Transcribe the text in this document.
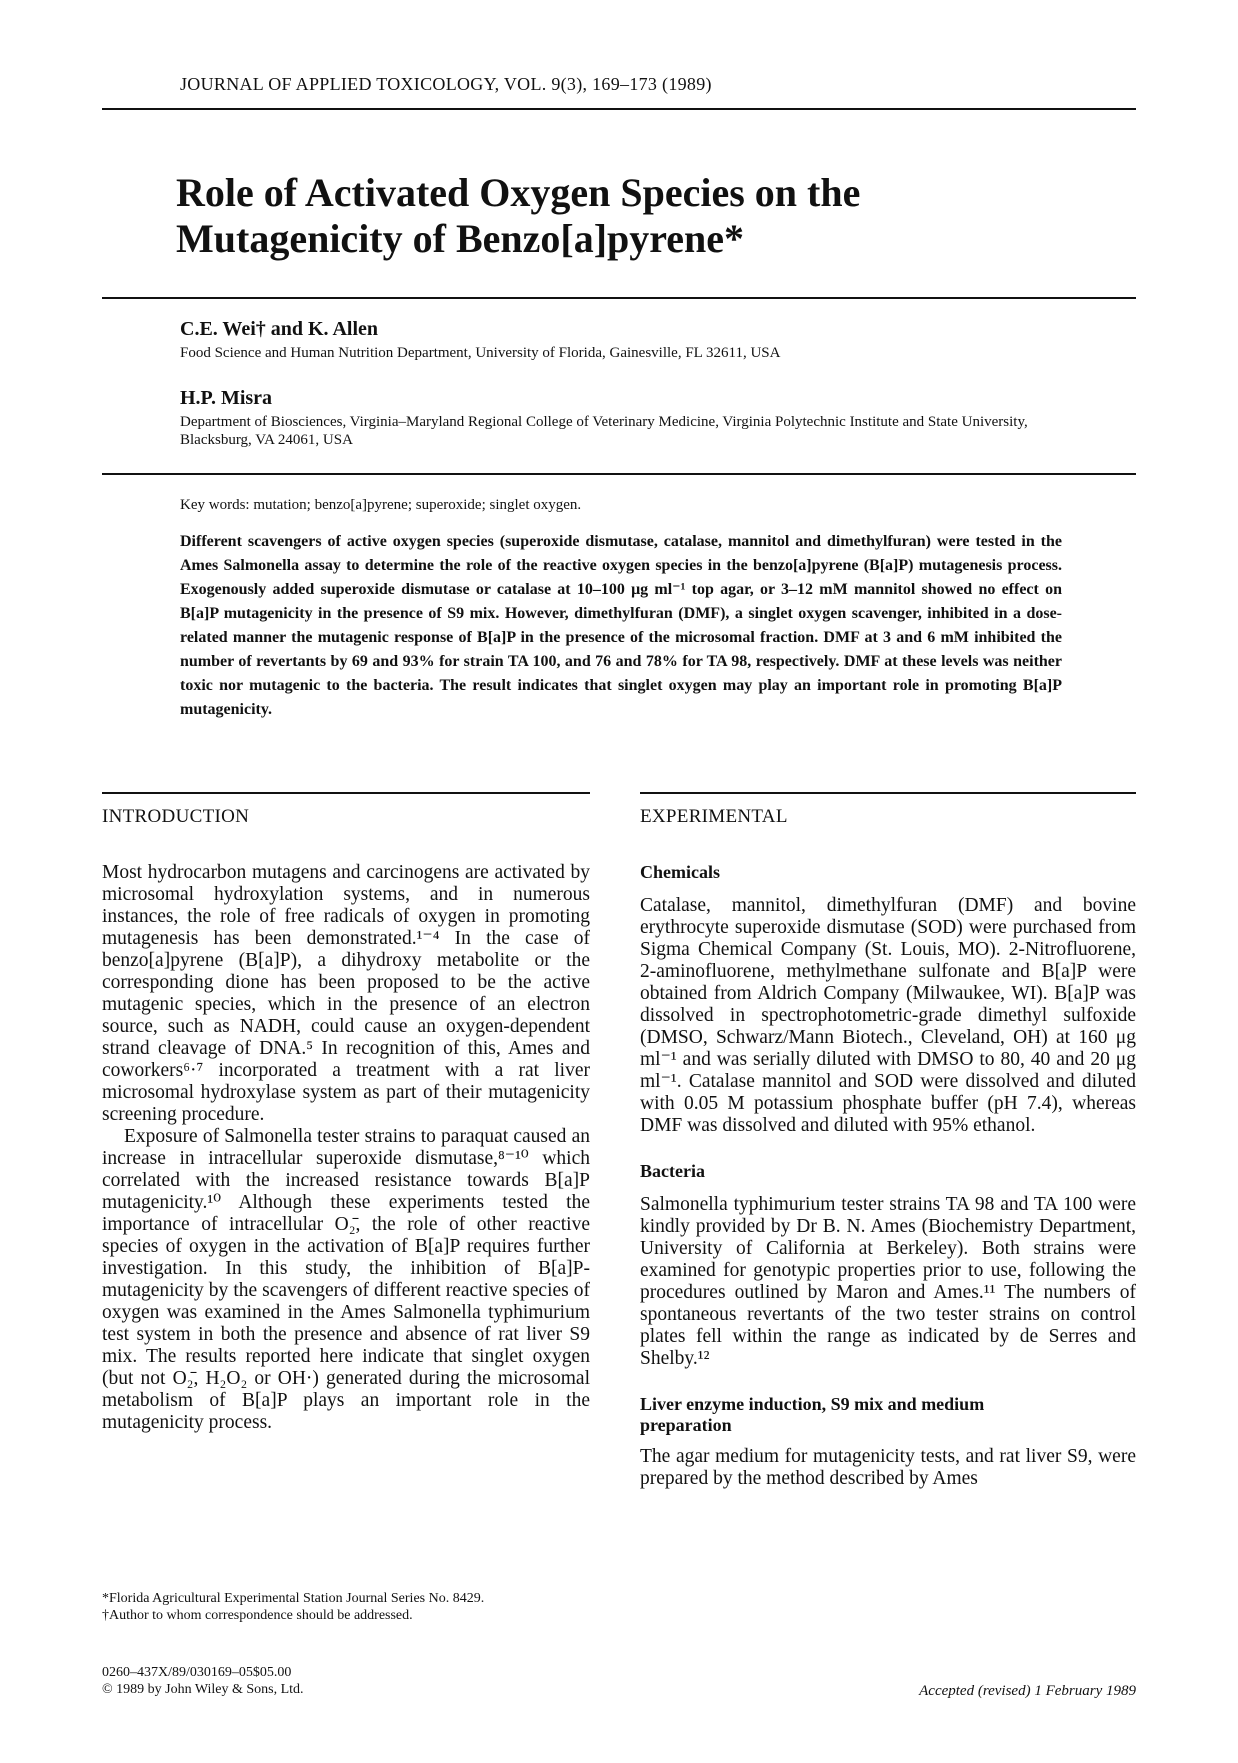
JOURNAL OF APPLIED TOXICOLOGY, VOL. 9(3), 169–173 (1989)
Role of Activated Oxygen Species on the
Mutagenicity of Benzo[a]pyrene*
C.E. Wei† and K. Allen
Food Science and Human Nutrition Department, University of Florida, Gainesville, FL 32611, USA
H.P. Misra
Department of Biosciences, Virginia–Maryland Regional College of Veterinary Medicine, Virginia Polytechnic Institute and State University, Blacksburg, VA 24061, USA
Key words: mutation; benzo[a]pyrene; superoxide; singlet oxygen.
Different scavengers of active oxygen species (superoxide dismutase, catalase, mannitol and dimethylfuran) were tested in the Ames Salmonella assay to determine the role of the reactive oxygen species in the benzo[a]pyrene (B[a]P) mutagenesis process. Exogenously added superoxide dismutase or catalase at 10–100 μg ml⁻¹ top agar, or 3–12 mM mannitol showed no effect on B[a]P mutagenicity in the presence of S9 mix. However, dimethylfuran (DMF), a singlet oxygen scavenger, inhibited in a dose-related manner the mutagenic response of B[a]P in the presence of the microsomal fraction. DMF at 3 and 6 mM inhibited the number of revertants by 69 and 93% for strain TA 100, and 76 and 78% for TA 98, respectively. DMF at these levels was neither toxic nor mutagenic to the bacteria. The result indicates that singlet oxygen may play an important role in promoting B[a]P mutagenicity.
INTRODUCTION

Most hydrocarbon mutagens and carcinogens are activated by microsomal hydroxylation systems, and in numerous instances, the role of free radicals of oxygen in promoting mutagenesis has been demonstrated.¹⁻⁴ In the case of benzo[a]pyrene (B[a]P), a dihydroxy metabolite or the corresponding dione has been proposed to be the active mutagenic species, which in the presence of an electron source, such as NADH, could cause an oxygen-dependent strand cleavage of DNA.⁵ In recognition of this, Ames and coworkers⁶·⁷ incorporated a treatment with a rat liver microsomal hydroxylase system as part of their mutagenicity screening procedure.

Exposure of Salmonella tester strains to paraquat caused an increase in intracellular superoxide dismutase,⁸⁻¹⁰ which correlated with the increased resistance towards B[a]P mutagenicity.¹⁰ Although these experiments tested the importance of intracellular O₂̄, the role of other reactive species of oxygen in the activation of B[a]P requires further investigation. In this study, the inhibition of B[a]P-mutagenicity by the scavengers of different reactive species of oxygen was examined in the Ames Salmonella typhimurium test system in both the presence and absence of rat liver S9 mix. The results reported here indicate that singlet oxygen (but not O₂̄, H₂O₂ or OH·) generated during the microsomal metabolism of B[a]P plays an important role in the mutagenicity process.

*Florida Agricultural Experimental Station Journal Series No. 8429.
†Author to whom correspondence should be addressed.
0260–437X/89/030169–05$05.00
© 1989 by John Wiley & Sons, Ltd.
EXPERIMENTAL
Chemicals

Catalase, mannitol, dimethylfuran (DMF) and bovine erythrocyte superoxide dismutase (SOD) were purchased from Sigma Chemical Company (St. Louis, MO). 2-Nitrofluorene, 2-aminofluorene, methylmethane sulfonate and B[a]P were obtained from Aldrich Company (Milwaukee, WI). B[a]P was dissolved in spectrophotometric-grade dimethyl sulfoxide (DMSO, Schwarz/Mann Biotech., Cleveland, OH) at 160 μg ml⁻¹ and was serially diluted with DMSO to 80, 40 and 20 μg ml⁻¹. Catalase mannitol and SOD were dissolved and diluted with 0.05 M potassium phosphate buffer (pH 7.4), whereas DMF was dissolved and diluted with 95% ethanol.

Bacteria

Salmonella typhimurium tester strains TA 98 and TA 100 were kindly provided by Dr B. N. Ames (Biochemistry Department, University of California at Berkeley). Both strains were examined for genotypic properties prior to use, following the procedures outlined by Maron and Ames.¹¹ The numbers of spontaneous revertants of the two tester strains on control plates fell within the range as indicated by de Serres and Shelby.¹²

Liver enzyme induction, S9 mix and medium preparation

The agar medium for mutagenicity tests, and rat liver S9, were prepared by the method described by Ames

Accepted (revised) 1 February 1989
